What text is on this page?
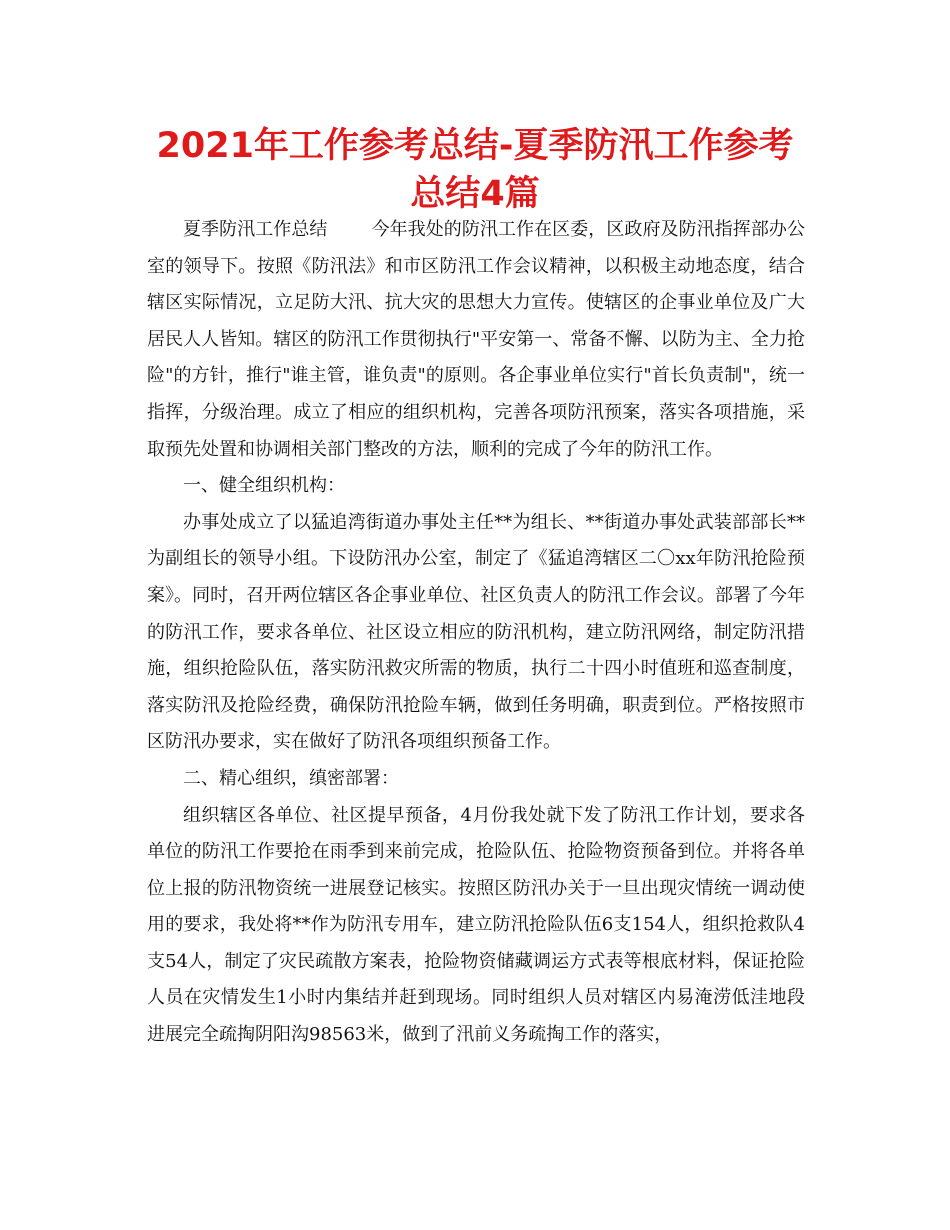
2021年工作参考总结-夏季防汛工作参考总结4篇

夏季防汛工作总结 今年我处的防汛工作在区委，区政府及防汛指挥部办公室的领导下。按照《防汛法》和市区防汛工作会议精神，以积极主动地态度，结合辖区实际情况，立足防大汛、抗大灾的思想大力宣传。使辖区的企事业单位及广大居民人人皆知。辖区的防汛工作贯彻执行"平安第一、常备不懈、以防为主、全力抢险"的方针，推行"谁主管，谁负责"的原则。各企事业单位实行"首长负责制"，统一指挥，分级治理。成立了相应的组织机构，完善各项防汛预案，落实各项措施，采取预先处置和协调相关部门整改的方法，顺利的完成了今年的防汛工作。

一、健全组织机构：

办事处成立了以猛追湾街道办事处主任**为组长、**街道办事处武装部部长**为副组长的领导小组。下设防汛办公室，制定了《猛追湾辖区二〇xx年防汛抢险预案》。同时，召开两位辖区各企事业单位、社区负责人的防汛工作会议。部署了今年的防汛工作，要求各单位、社区设立相应的防汛机构，建立防汛网络，制定防汛措施，组织抢险队伍，落实防汛救灾所需的物质，执行二十四小时值班和巡查制度，落实防汛及抢险经费，确保防汛抢险车辆，做到任务明确，职责到位。严格按照市区防汛办要求，实在做好了防汛各项组织预备工作。

二、精心组织，缜密部署：

组织辖区各单位、社区提早预备，4月份我处就下发了防汛工作计划，要求各单位的防汛工作要抢在雨季到来前完成，抢险队伍、抢险物资预备到位。并将各单位上报的防汛物资统一进展登记核实。按照区防汛办关于一旦出现灾情统一调动使用的要求，我处将**作为防汛专用车，建立防汛抢险队伍6支154人，组织抢救队4支54人，制定了灾民疏散方案表，抢险物资储藏调运方式表等根底材料，保证抢险人员在灾情发生1小时内集结并赶到现场。同时组织人员对辖区内易淹涝低洼地段进展完全疏掏阴阳沟98563米，做到了汛前义务疏掏工作的落实，
